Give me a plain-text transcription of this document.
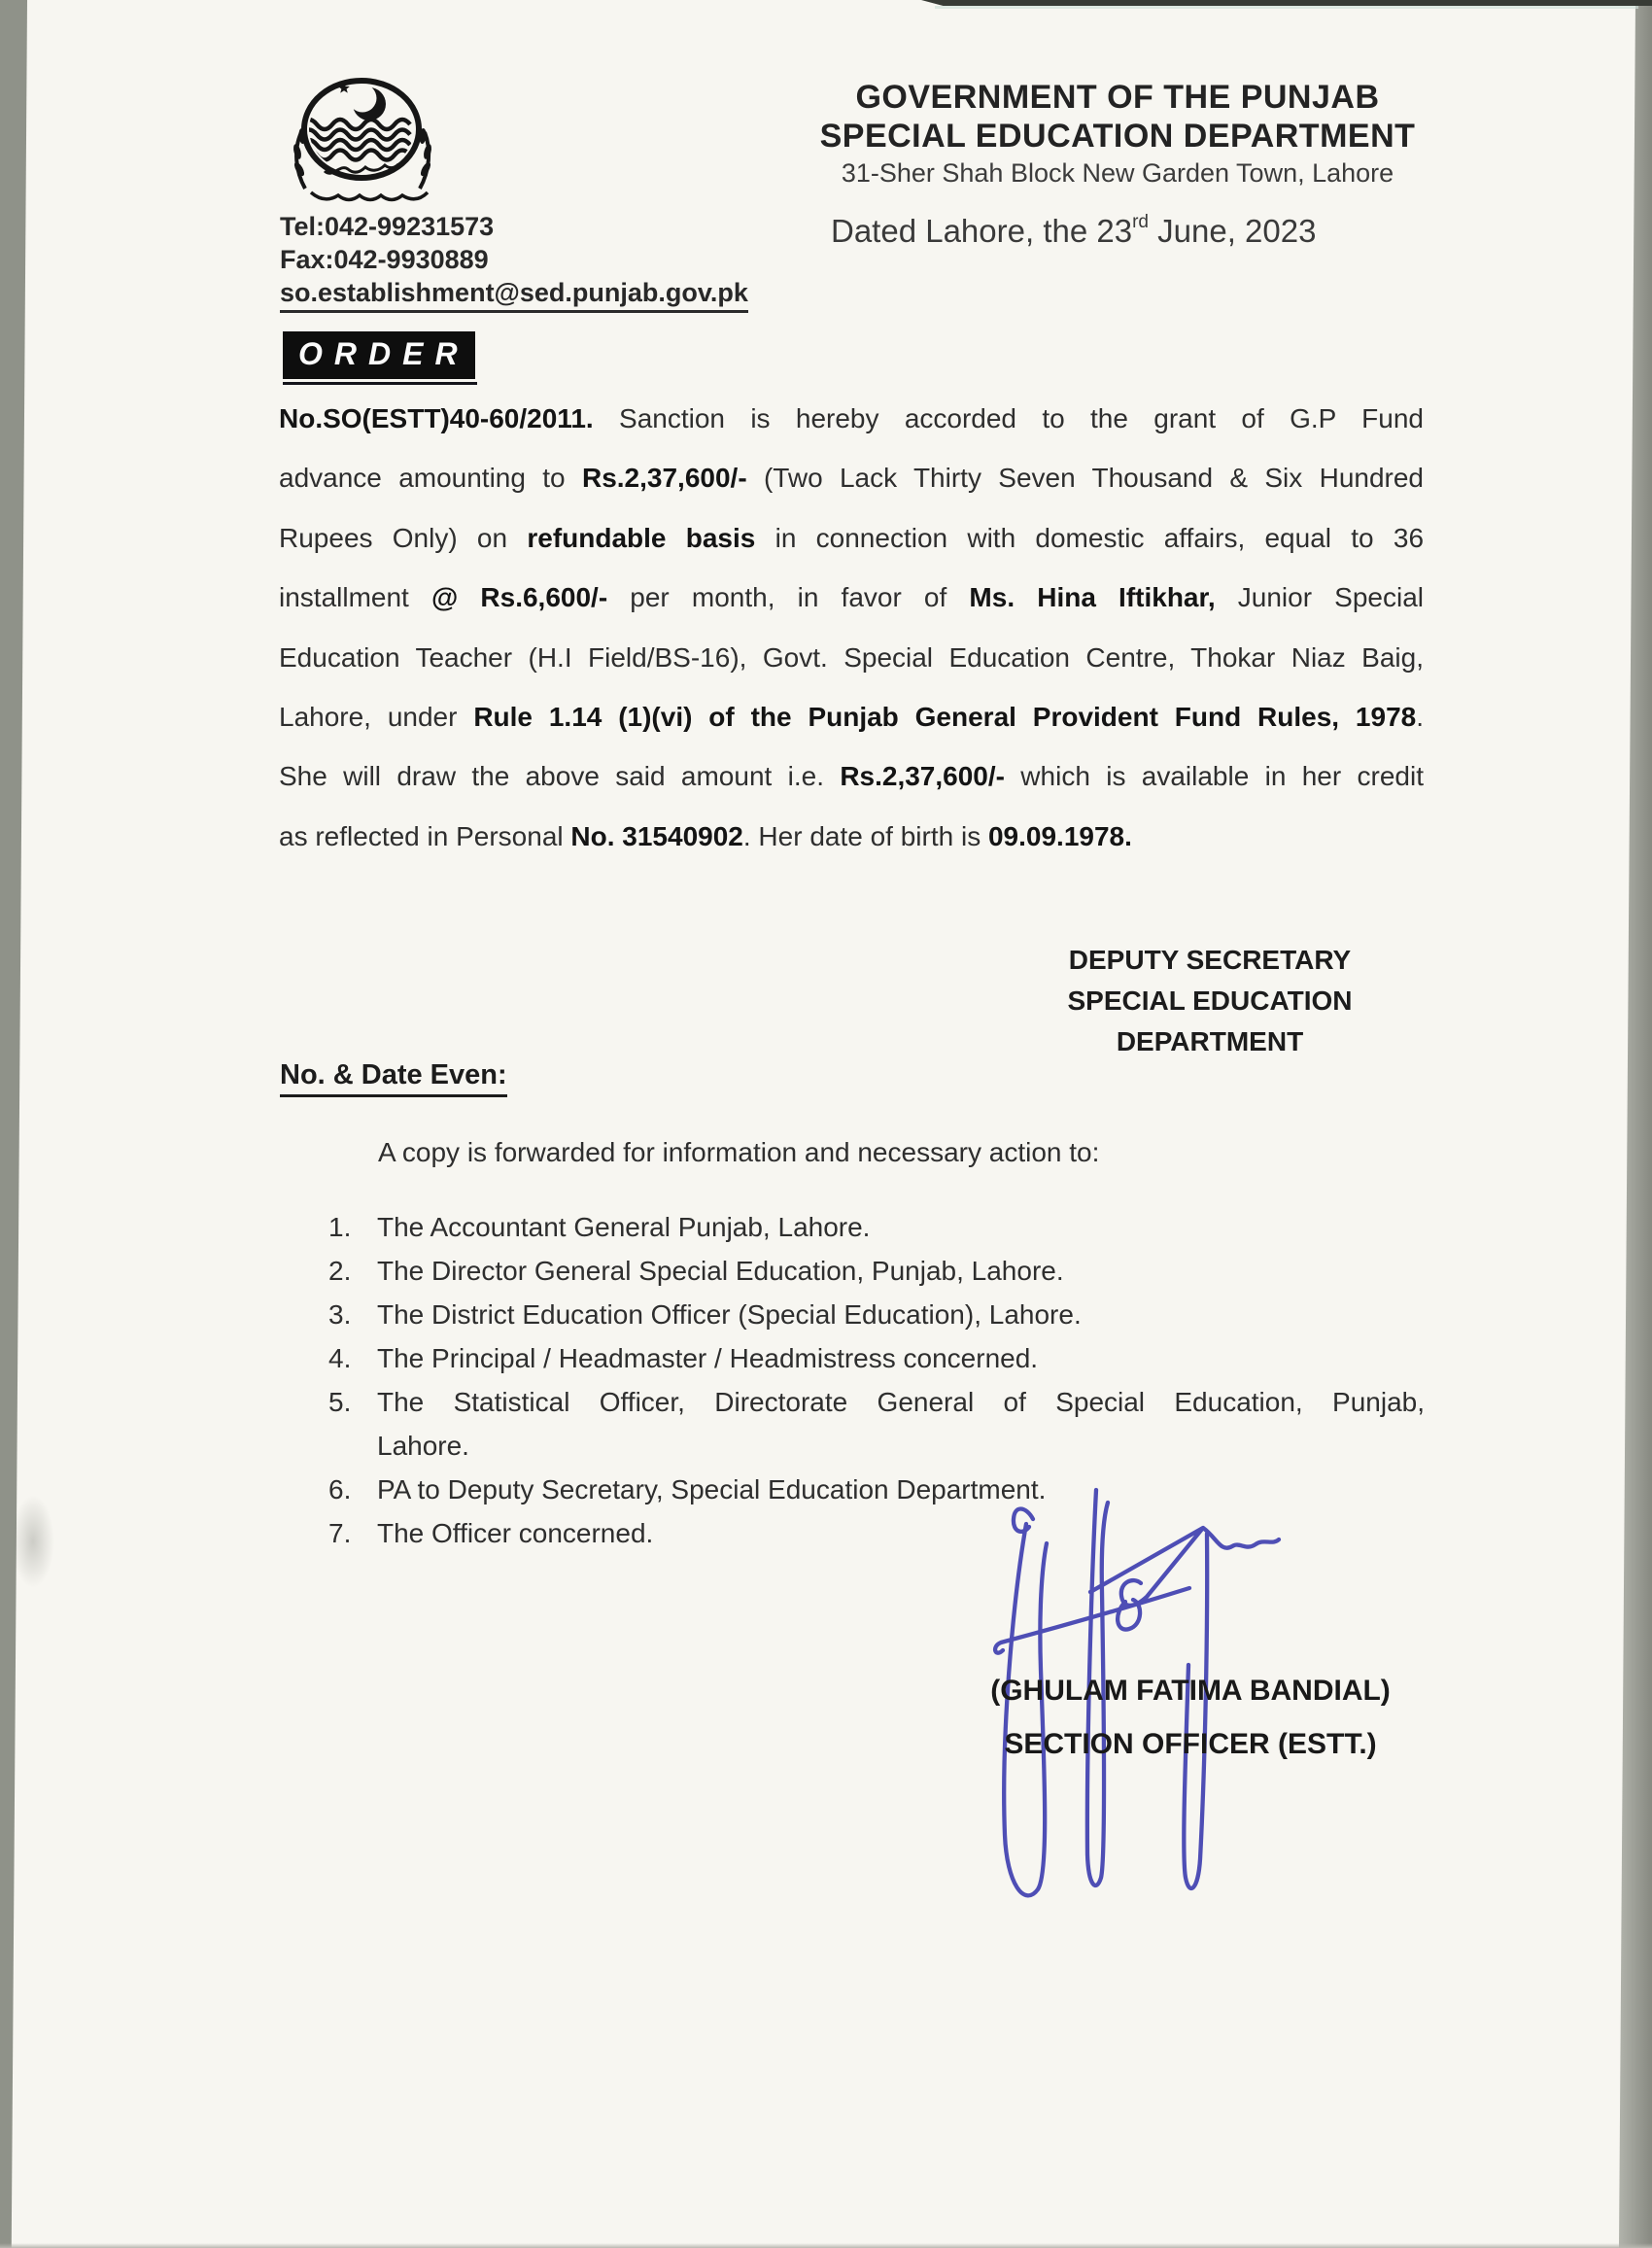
GOVERNMENT OF THE PUNJAB
SPECIAL EDUCATION DEPARTMENT
31-Sher Shah Block New Garden Town, Lahore
Tel:042-99231573
Fax:042-9930889
so.establishment@sed.punjab.gov.pk
Dated Lahore, the 23rd June, 2023
ORDER
No.SO(ESTT)40-60/2011. Sanction is hereby accorded to the grant of G.P Fund
advance amounting to Rs.2,37,600/- (Two Lack Thirty Seven Thousand & Six Hundred
Rupees Only) on refundable basis in connection with domestic affairs, equal to 36
installment @ Rs.6,600/- per month, in favor of Ms. Hina Iftikhar, Junior Special
Education Teacher (H.I Field/BS-16), Govt. Special Education Centre, Thokar Niaz Baig,
Lahore, under Rule 1.14 (1)(vi) of the Punjab General Provident Fund Rules, 1978.
She will draw the above said amount i.e. Rs.2,37,600/- which is available in her credit
as reflected in Personal No. 31540902. Her date of birth is 09.09.1978.
DEPUTY SECRETARY
SPECIAL EDUCATION
DEPARTMENT
No. & Date Even:
A copy is forwarded for information and necessary action to:
1. The Accountant General Punjab, Lahore.
2. The Director General Special Education, Punjab, Lahore.
3. The District Education Officer (Special Education), Lahore.
4. The Principal / Headmaster / Headmistress concerned.
5. The Statistical Officer, Directorate General of Special Education, Punjab,
Lahore.
6. PA to Deputy Secretary, Special Education Department.
7. The Officer concerned.
(GHULAM FATIMA BANDIAL)
SECTION OFFICER (ESTT.)
